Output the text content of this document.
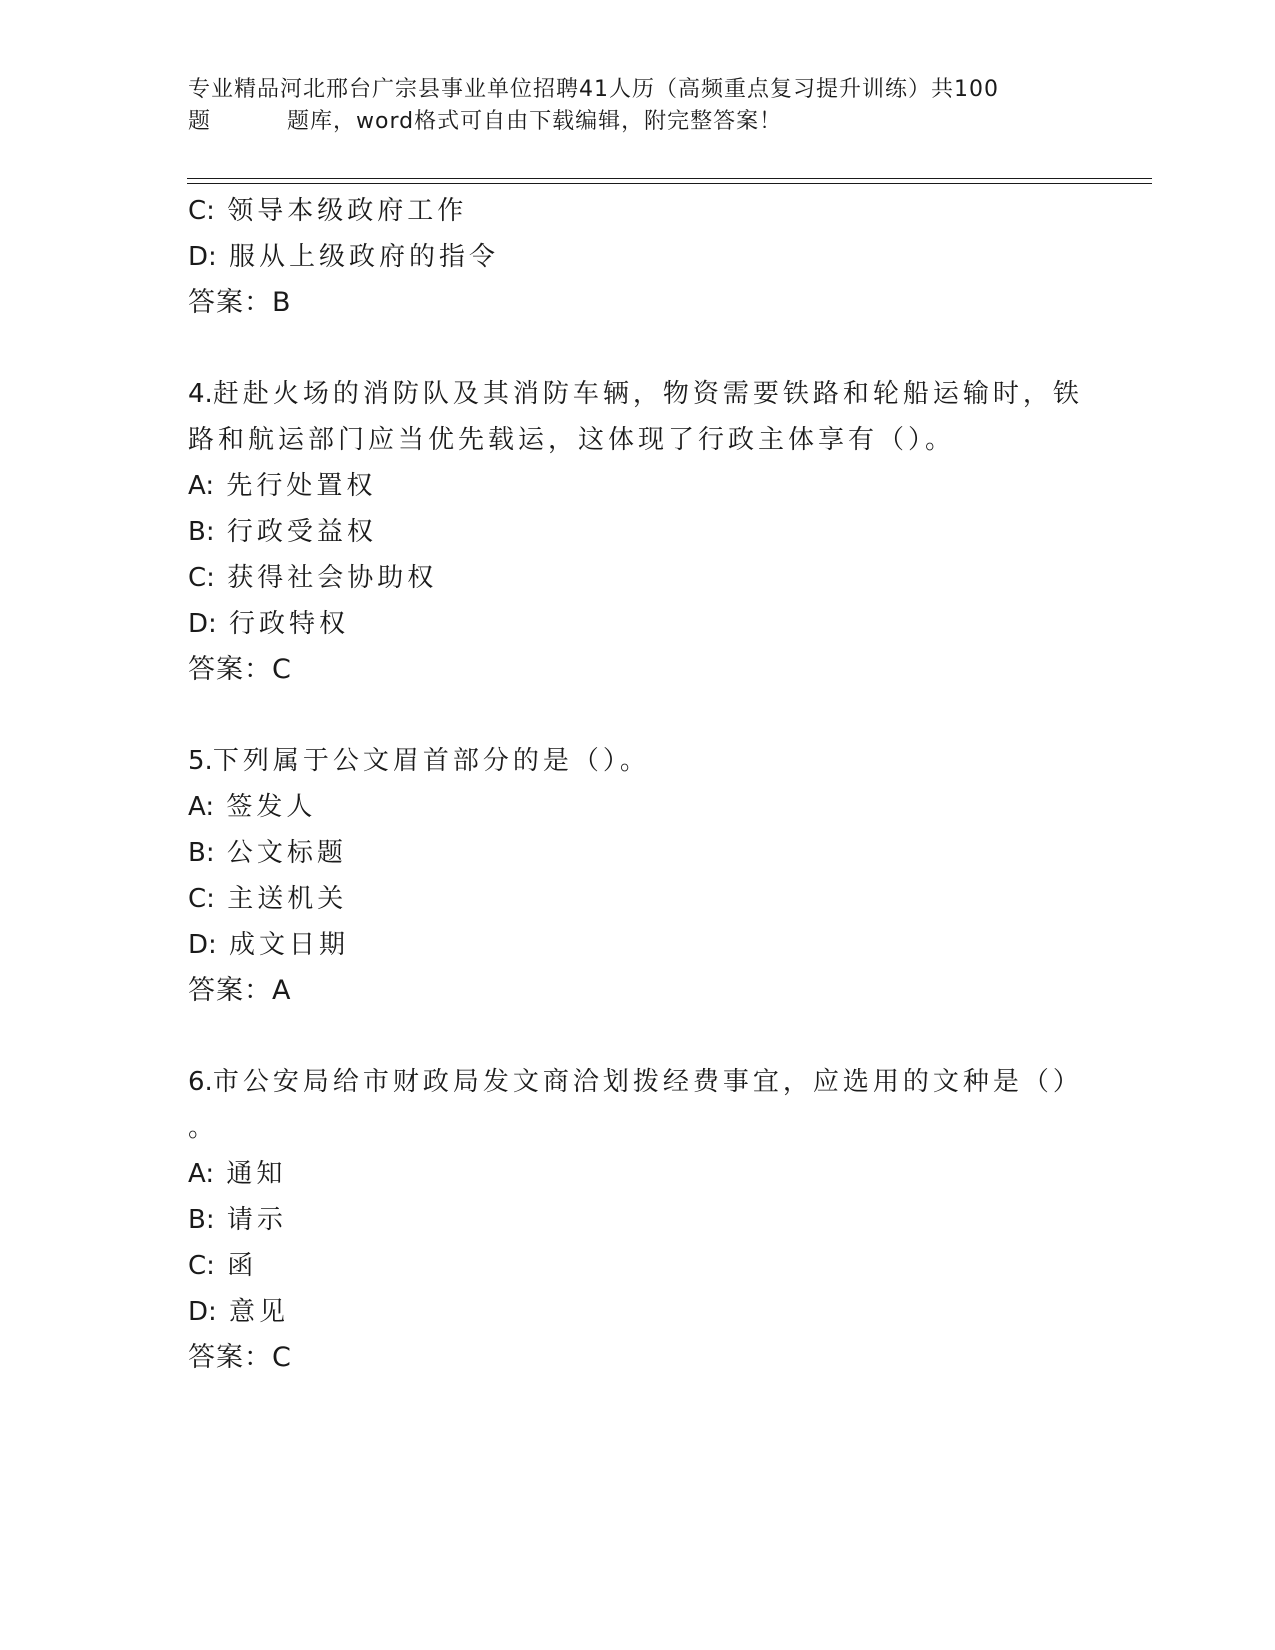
专业精品河北邢台广宗县事业单位招聘41人历（高频重点复习提升训练）共100
题	题库，word格式可自由下载编辑，附完整答案！
C: 领导本级政府工作
D: 服从上级政府的指令
答案：B
4.赶赴火场的消防队及其消防车辆，物资需要铁路和轮船运输时，铁
路和航运部门应当优先载运，这体现了行政主体享有（）。
A: 先行处置权
B: 行政受益权
C: 获得社会协助权
D: 行政特权
答案：C
5.下列属于公文眉首部分的是（）。
A: 签发人
B: 公文标题
C: 主送机关
D: 成文日期
答案：A
6.市公安局给市财政局发文商洽划拨经费事宜，应选用的文种是（）
。
A: 通知
B: 请示
C: 函
D: 意见
答案：C
